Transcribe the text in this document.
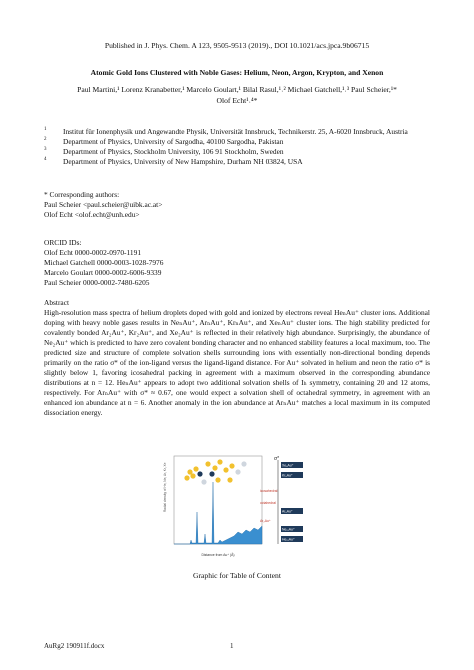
Published in J. Phys. Chem. A 123, 9505-9513 (2019)., DOI 10.1021/acs.jpca.9b06715
Atomic Gold Ions Clustered with Noble Gases: Helium, Neon, Argon, Krypton, and Xenon
Paul Martini,¹ Lorenz Kranabetter,¹ Marcelo Goulart,¹ Bilal Rasul,¹˒² Michael Gatchell,¹˒³ Paul Scheier,¹*
Olof Echt¹˒⁴*
1 Institut für Ionenphysik und Angewandte Physik, Universität Innsbruck, Technikerstr. 25, A-6020 Innsbruck, Austria
2 Department of Physics, University of Sargodha, 40100 Sargodha, Pakistan
3 Department of Physics, Stockholm University, 106 91 Stockholm, Sweden
4 Department of Physics, University of New Hampshire, Durham NH 03824, USA
* Corresponding authors:
Paul Scheier <paul.scheier@uibk.ac.at>
Olof Echt <olof.echt@unh.edu>
ORCID IDs:
Olof Echt 0000-0002-0970-1191
Michael Gatchell 0000-0003-1028-7976
Marcelo Goulart 0000-0002-6006-9339
Paul Scheier 0000-0002-7480-6205
Abstract
High-resolution mass spectra of helium droplets doped with gold and ionized by electrons reveal HeₙAu⁺ cluster ions. Additional doping with heavy noble gases results in NeₙAu⁺, ArₙAu⁺, KrₙAu⁺, and XeₙAu⁺ cluster ions. The high stability predicted for covalently bonded Ar₂Au⁺, Kr₂Au⁺, and Xe₂Au⁺ is reflected in their relatively high abundance. Surprisingly, the abundance of Ne₂Au⁺ which is predicted to have zero covalent bonding character and no enhanced stability features a local maximum, too. The predicted size and structure of complete solvation shells surrounding ions with essentially non-directional bonding depends primarily on the ratio σ* of the ion-ligand versus the ligand-ligand distance. For Au⁺ solvated in helium and neon the ratio σ* is slightly below 1, favoring icosahedral packing in agreement with a maximum observed in the corresponding abundance distributions at n = 12. HeₙAu⁺ appears to adopt two additional solvation shells of Iₕ symmetry, containing 20 and 12 atoms, respectively. For ArₙAu⁺ with σ* ≈ 0.67, one would expect a solvation shell of octahedral symmetry, in agreement with an enhanced ion abundance at n = 6. Another anomaly in the ion abundance at ArₙAu⁺ matches a local maximum in its computed dissociation energy.
Radial density of He, Ne, Ar, Kr, Xe
Distance from Au⁺ (Å)
σ*
Xe₆Au⁺
Kr₆Au⁺
icosahedral
octahedral
Ar₆Au⁺
Ar₂Au⁺
Ne₁₂Au⁺
He₁₂Au⁺
Graphic for Table of Content
AuRg2 190911f.docx	1
